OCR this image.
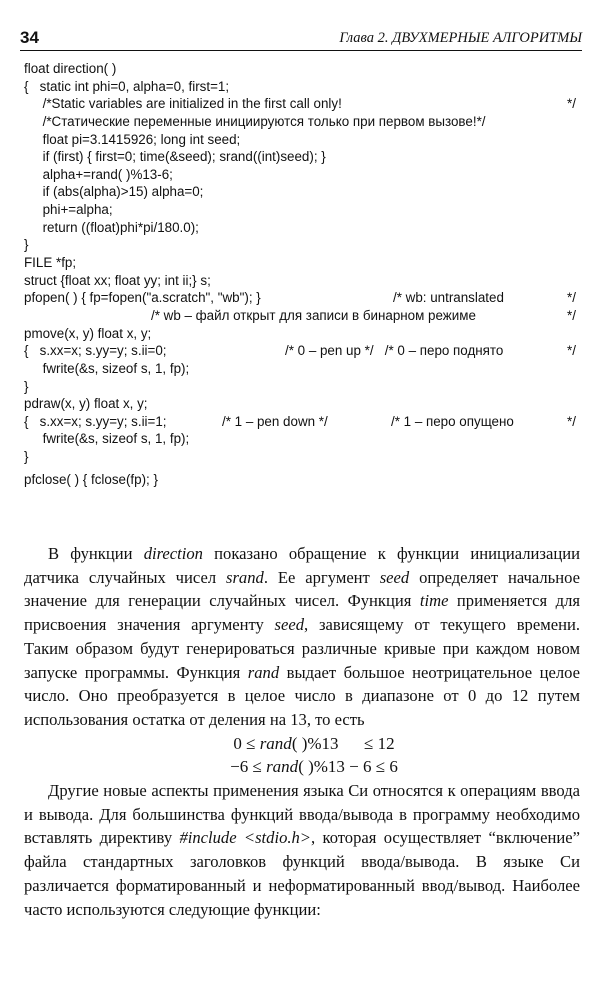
34	Глава 2. ДВУХМЕРНЫЕ АЛГОРИТМЫ
float direction( )
{   static int phi=0, alpha=0, first=1;
/*Static variables are initialized in the first call only!	*/
/*Статические переменные инициируются только при первом вызове!*/
float pi=3.1415926; long int seed;
if (first) { first=0; time(&seed); srand((int)seed); }
alpha+=rand( )%13-6;
if (abs(alpha)>15) alpha=0;
phi+=alpha;
return ((float)phi*pi/180.0);
}
FILE *fp;
struct {float xx; float yy; int ii;} s;
pfopen( ) { fp=fopen("a.scratch", "wb"); }	/* wb: untranslated	*/
/* wb – файл открыт для записи в бинарном режиме	*/
pmove(x, y) float x, y;
{   s.xx=x; s.yy=y; s.ii=0;	/* 0 – pen up */   /* 0 – перо поднято	*/
fwrite(&s, sizeof s, 1, fp);
}
pdraw(x, y) float x, y;
{   s.xx=x; s.yy=y; s.ii=1;	/* 1 – pen down */	/* 1 – перо опущено	*/
fwrite(&s, sizeof s, 1, fp);
}
pfclose( ) { fclose(fp); }

В функции direction показано обращение к функции инициализации датчика случайных чисел srand. Ее аргумент seed определяет начальное значение для генерации случайных чисел. Функция time применяется для присвоения значения аргументу seed, зависящему от текущего времени. Таким образом будут генерироваться различные кривые при каждом новом запуске программы. Функция rand выдает большое неотрицательное целое число. Оно преобразуется в целое число в диапазоне от 0 до 12 путем использования остатка от деления на 13, то есть

0 ≤ rand( )%13      ≤ 12

−6 ≤ rand( )%13 − 6 ≤ 6

Другие новые аспекты применения языка Си относятся к операциям ввода и вывода. Для большинства функций ввода/вывода в программу необходимо вставлять директиву #include <stdio.h>, которая осуществляет “включение” файла стандартных заголовков функций ввода/вывода. В языке Си различается форматированный и неформатированный ввод/вывод. Наиболее часто используются следующие функции:
